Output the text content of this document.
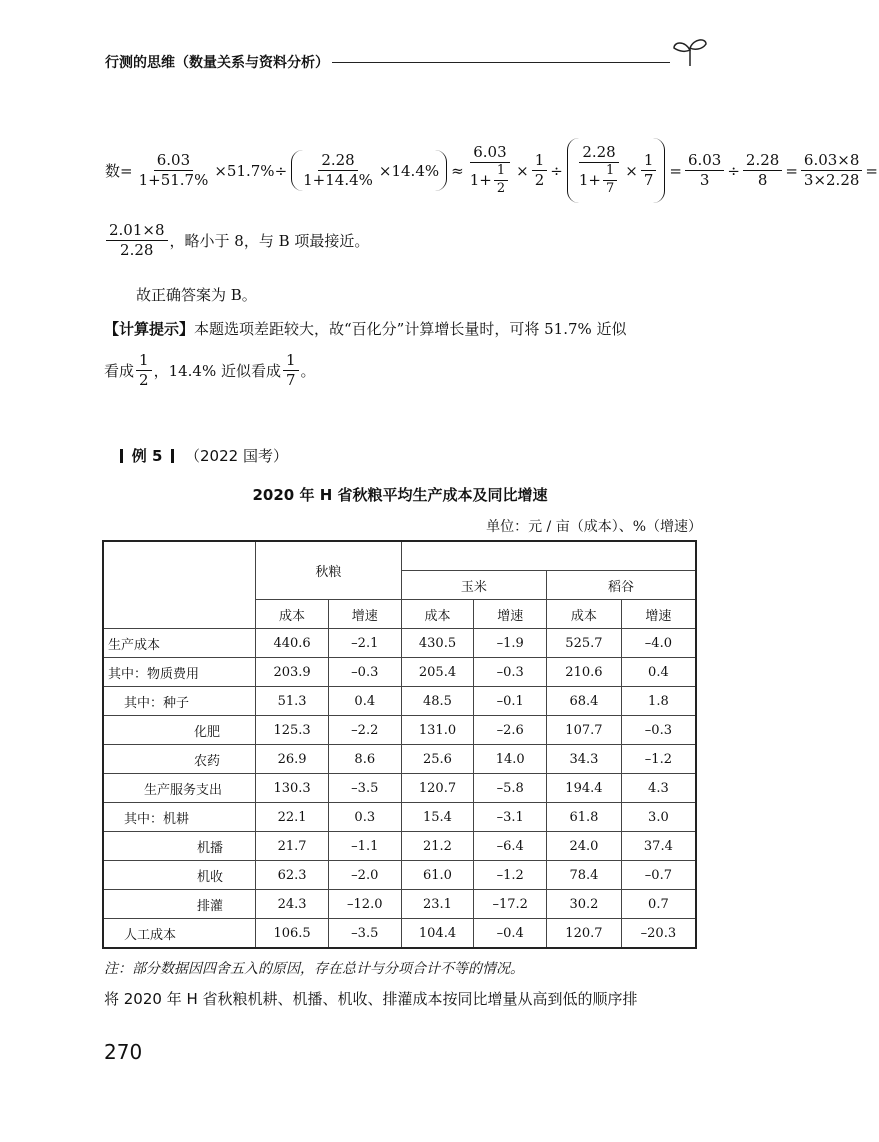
行测的思维（数量关系与资料分析）
数= $\frac{6.03}{1+51.7\%} \times 51.7\%\div \frac{2.28}{1+14.4\%} \times 14.4\% \approx \frac{6.03}{1+ \frac{1}{2}} \times \frac{1}{2} \div \frac{2.28}{1+ \frac{1}{7}} \times \frac{1}{7} = \frac{6.03}{3} \div \frac{2.28}{8} = \frac{6.03\times 8}{3\times 2.28}$ =
$\frac{2.01\times 8}{2.28}$ ，略小于 8，与 B 项最接近。
故正确答案为 B。
【计算提示】本题选项差距较大，故“百化分”计算增长量时，可将 51.7% 近似
看成 $\frac{1}{2}$ ，14.4% 近似看成 $\frac{1}{7}$ 。
例 5 （2022 国考）
2020 年 H 省秋粮平均生产成本及同比增速
单位：元 / 亩（成本）、%（增速）
	秋粮					
			玉米		稻谷	
	成本	增速	成本	增速	成本	增速
生产成本	440.6	–2.1	430.5	–1.9	525.7	–4.0
其中：物质费用	203.9	–0.3	205.4	–0.3	210.6	0.4
其中：种子	51.3	0.4	48.5	–0.1	68.4	1.8
化肥	125.3	–2.2	131.0	–2.6	107.7	–0.3
农药	26.9	8.6	25.6	14.0	34.3	–1.2
生产服务支出	130.3	–3.5	120.7	–5.8	194.4	4.3
其中：机耕	22.1	0.3	15.4	–3.1	61.8	3.0
机播	21.7	–1.1	21.2	–6.4	24.0	37.4
机收	62.3	–2.0	61.0	–1.2	78.4	–0.7
排灌	24.3	–12.0	23.1	–17.2	30.2	0.7
人工成本	106.5	–3.5	104.4	–0.4	120.7	–20.3
注：部分数据因四舍五入的原因，存在总计与分项合计不等的情况。
将 2020 年 H 省秋粮机耕、机播、机收、排灌成本按同比增量从高到低的顺序排
270
